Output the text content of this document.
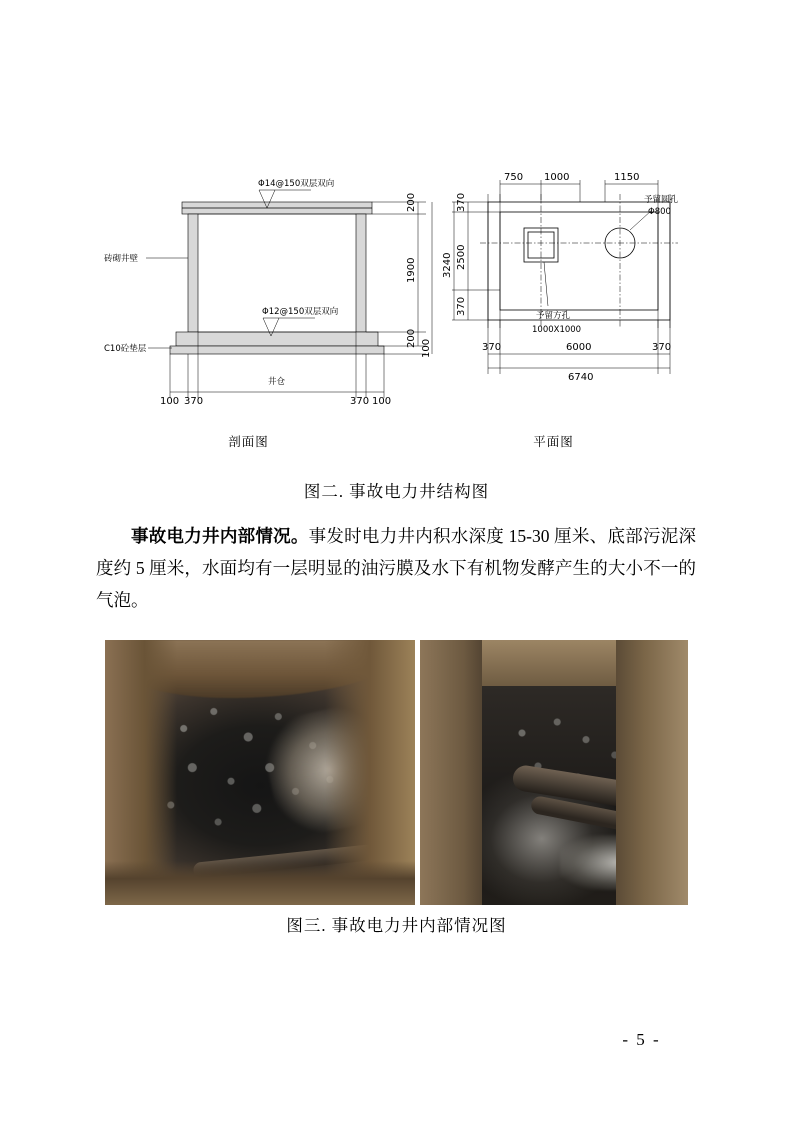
Φ14@150双层双向
Φ12@150双层双向
砖砌井壁
C10砼垫层
井仓
200
1900
200
100
100 370	370 100
750 1000	1150
370
2500
370
3240
予留圆孔
Φ800
予留方孔
1000X1000
370	6000	370
6740
剖面图	平面图
图二. 事故电力井结构图
事故电力井内部情况。事发时电力井内积水深度 15-30 厘米、底部污泥深度约 5 厘米，水面均有一层明显的油污膜及水下有机物发酵产生的大小不一的气泡。
图三. 事故电力井内部情况图
- 5 -
